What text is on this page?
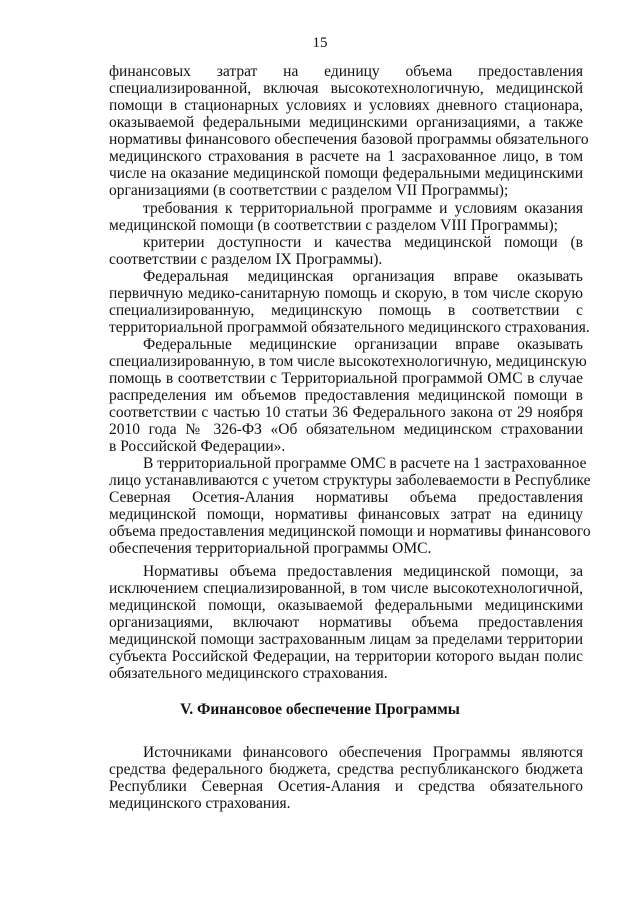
15
финансовых затрат на единицу объема предоставления
специализированной, включая высокотехнологичную, медицинской
помощи в стационарных условиях и условиях дневного стационара,
оказываемой федеральными медицинскими организациями, а также
нормативы финансового обеспечения базовой программы обязательного
медицинского страхования в расчете на 1 засрахованное лицо, в том
числе на оказание медицинской помощи федеральными медицинскими
организациями (в соответствии с разделом VII Программы);
требования к территориальной программе и условиям оказания
медицинской помощи (в соответствии с разделом VIII Программы);
критерии доступности и качества медицинской помощи (в
соответствии с разделом IX Программы).
Федеральная медицинская организация вправе оказывать
первичную медико-санитарную помощь и скорую, в том числе скорую
специализированную, медицинскую помощь в соответствии с
территориальной программой обязательного медицинского страхования.
Федеральные медицинские организации вправе оказывать
специализированную, в том числе высокотехнологичную, медицинскую
помощь в соответствии с Территориальной программой ОМС в случае
распределения им объемов предоставления медицинской помощи в
соответствии с частью 10 статьи 36 Федерального закона от 29 ноября
2010 года № 326-ФЗ «Об обязательном медицинском страховании
в Российской Федерации».
В территориальной программе ОМС в расчете на 1 застрахованное
лицо устанавливаются с учетом структуры заболеваемости в Республике
Северная Осетия-Алания нормативы объема предоставления
медицинской помощи, нормативы финансовых затрат на единицу
объема предоставления медицинской помощи и нормативы финансового
обеспечения территориальной программы ОМС.
Нормативы объема предоставления медицинской помощи, за
исключением специализированной, в том числе высокотехнологичной,
медицинской помощи, оказываемой федеральными медицинскими
организациями, включают нормативы объема предоставления
медицинской помощи застрахованным лицам за пределами территории
субъекта Российской Федерации, на территории которого выдан полис
обязательного медицинского страхования.
V. Финансовое обеспечение Программы
Источниками финансового обеспечения Программы являются
средства федерального бюджета, средства республиканского бюджета
Республики Северная Осетия-Алания и средства обязательного
медицинского страхования.
